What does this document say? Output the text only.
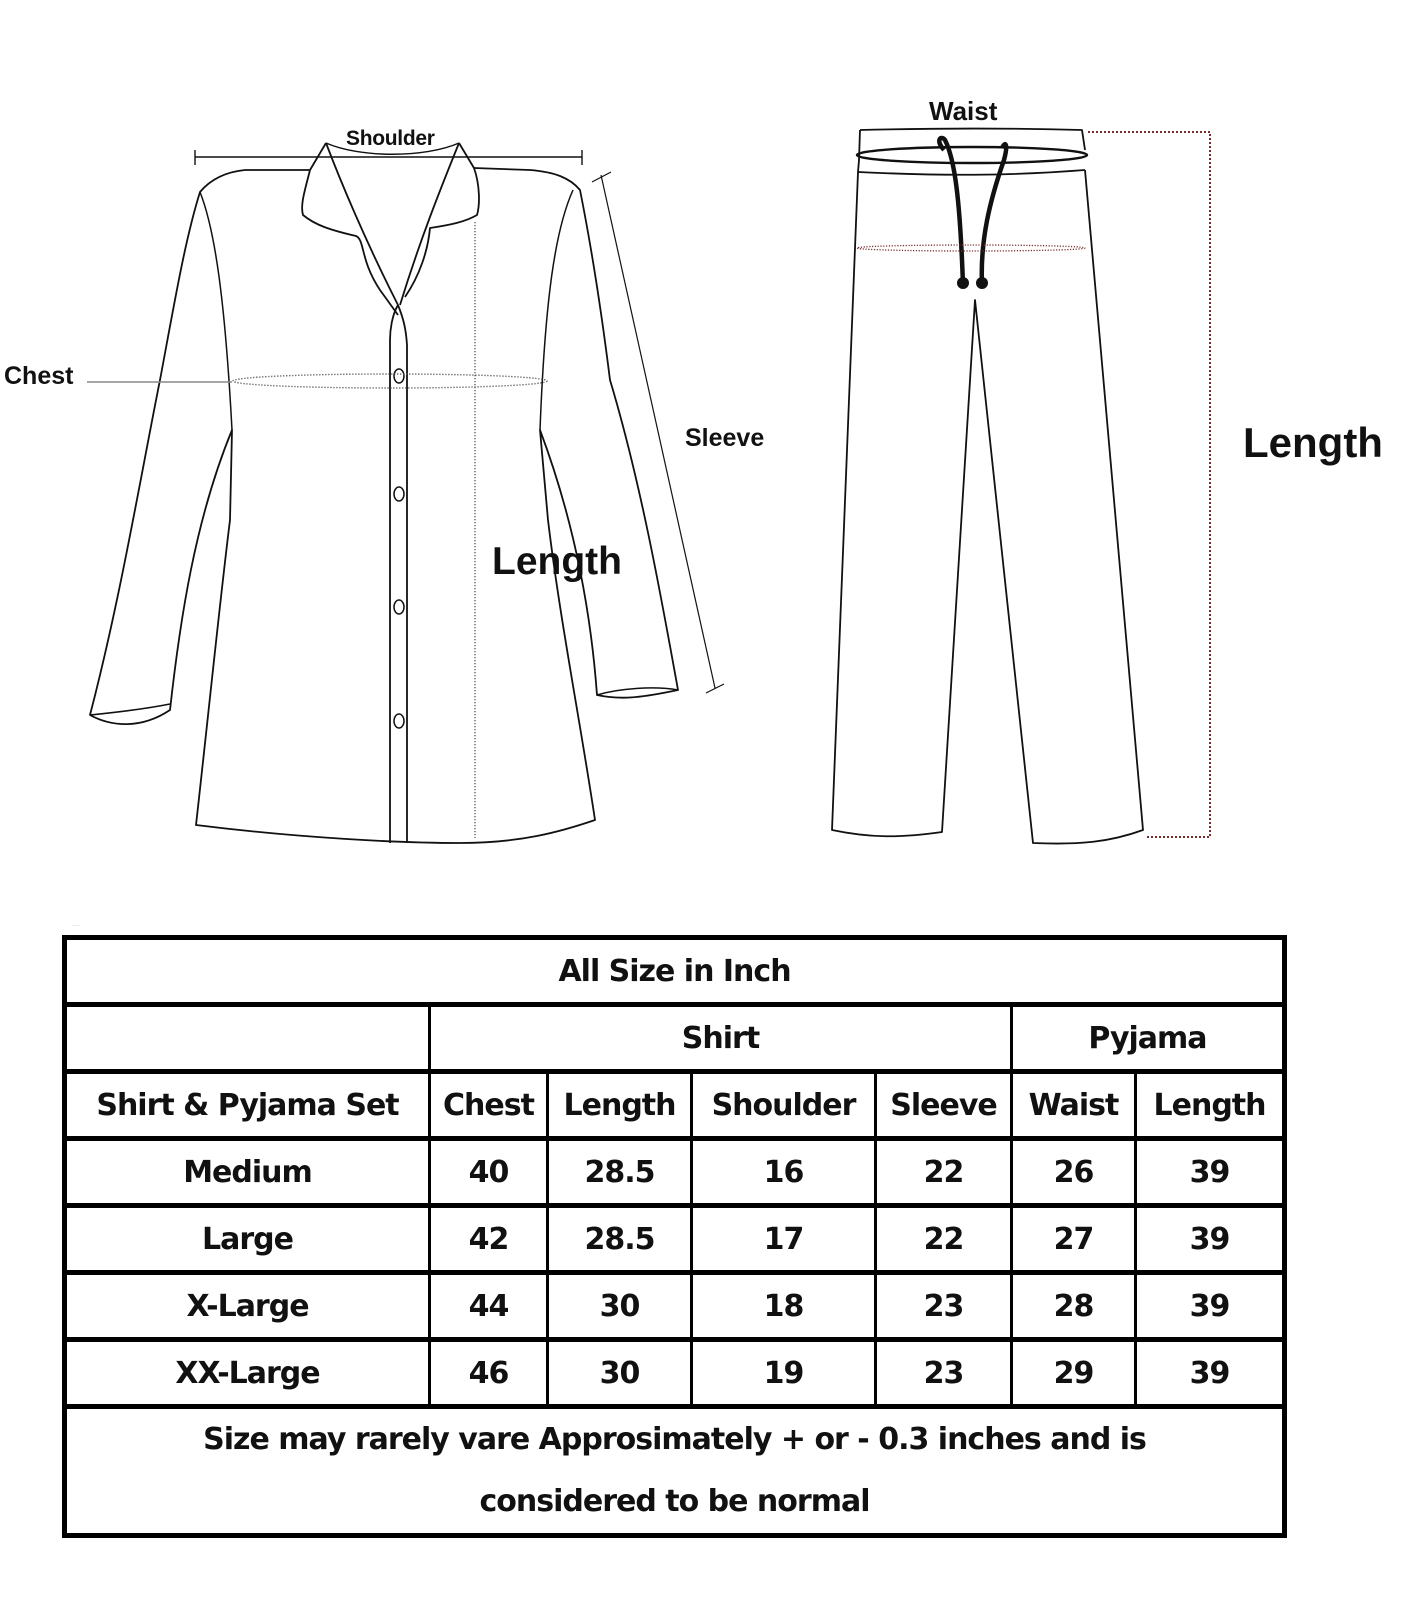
Shoulder
Chest
Sleeve
Length
Waist
Length
....
All Size in Inch						
	Shirt				Pyjama	
Shirt & Pyjama Set	Chest	Length	Shoulder	Sleeve	Waist	Length
Medium	40	28.5	16	22	26	39
Large	42	28.5	17	22	27	39
X-Large	44	30	18	23	28	39
XX-Large	46	30	19	23	29	39

Size may rarely vare Approsimately + or - 0.3 inches and is
considered to be normal						
